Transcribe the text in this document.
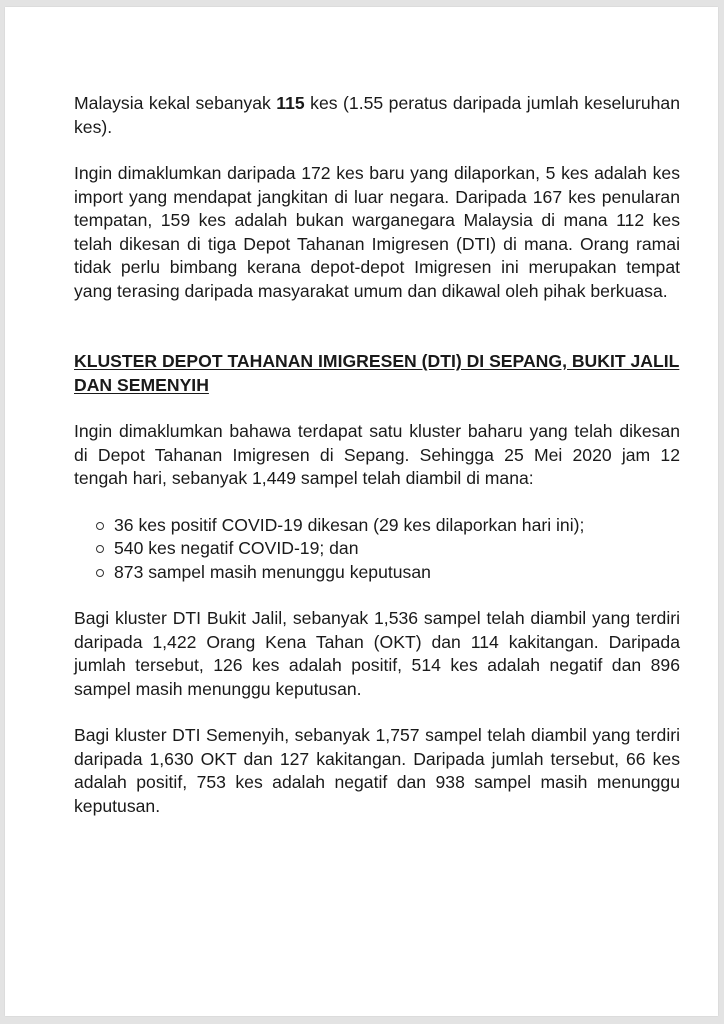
Malaysia kekal sebanyak 115 kes (1.55 peratus daripada jumlah keseluruhan kes).

Ingin dimaklumkan daripada 172 kes baru yang dilaporkan, 5 kes adalah kes import yang mendapat jangkitan di luar negara. Daripada 167 kes penularan tempatan, 159 kes adalah bukan warganegara Malaysia di mana 112 kes telah dikesan di tiga Depot Tahanan Imigresen (DTI) di mana. Orang ramai tidak perlu bimbang kerana depot-depot Imigresen ini merupakan tempat yang terasing daripada masyarakat umum dan dikawal oleh pihak berkuasa.

KLUSTER DEPOT TAHANAN IMIGRESEN (DTI) DI SEPANG, BUKIT JALIL DAN SEMENYIH

Ingin dimaklumkan bahawa terdapat satu kluster baharu yang telah dikesan di Depot Tahanan Imigresen di Sepang. Sehingga 25 Mei 2020 jam 12 tengah hari, sebanyak 1,449 sampel telah diambil di mana:

36 kes positif COVID-19 dikesan (29 kes dilaporkan hari ini);
540 kes negatif COVID-19; dan
873 sampel masih menunggu keputusan

Bagi kluster DTI Bukit Jalil, sebanyak 1,536 sampel telah diambil yang terdiri daripada 1,422 Orang Kena Tahan (OKT) dan 114 kakitangan. Daripada jumlah tersebut, 126 kes adalah positif, 514 kes adalah negatif dan 896 sampel masih menunggu keputusan.

Bagi kluster DTI Semenyih, sebanyak 1,757 sampel telah diambil yang terdiri daripada 1,630 OKT dan 127 kakitangan. Daripada jumlah tersebut, 66 kes adalah positif, 753 kes adalah negatif dan 938 sampel masih menunggu keputusan.
